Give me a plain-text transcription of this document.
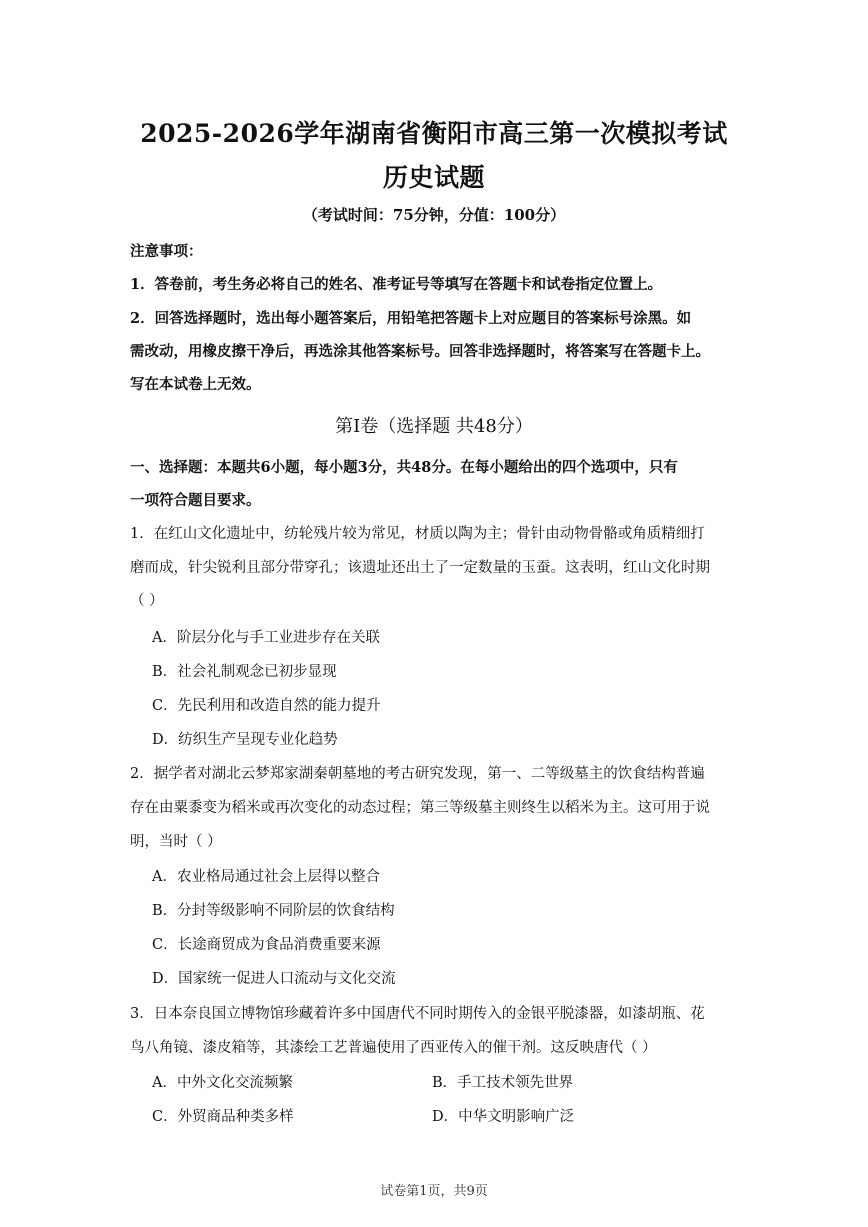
2025-2026学年湖南省衡阳市高三第一次模拟考试
历史试题
（考试时间：75分钟，分值：100分）
注意事项：
1．答卷前，考生务必将自己的姓名、准考证号等填写在答题卡和试卷指定位置上。
2．回答选择题时，选出每小题答案后，用铅笔把答题卡上对应题目的答案标号涂黑。如
需改动，用橡皮擦干净后，再选涂其他答案标号。回答非选择题时，将答案写在答题卡上。
写在本试卷上无效。
第Ⅰ卷（选择题 共48分）
一、选择题：本题共6小题，每小题3分，共48分。在每小题给出的四个选项中，只有
一项符合题目要求。
1．在红山文化遗址中，纺轮残片较为常见，材质以陶为主；骨针由动物骨骼或角质精细打
磨而成，针尖锐利且部分带穿孔；该遗址还出土了一定数量的玉蚕。这表明，红山文化时期
（ ）
A．阶层分化与手工业进步存在关联
B．社会礼制观念已初步显现
C．先民利用和改造自然的能力提升
D．纺织生产呈现专业化趋势
2．据学者对湖北云梦郑家湖秦朝墓地的考古研究发现，第一、二等级墓主的饮食结构普遍
存在由粟黍变为稻米或再次变化的动态过程；第三等级墓主则终生以稻米为主。这可用于说
明，当时（ ）
A．农业格局通过社会上层得以整合
B．分封等级影响不同阶层的饮食结构
C．长途商贸成为食品消费重要来源
D．国家统一促进人口流动与文化交流
3．日本奈良国立博物馆珍藏着许多中国唐代不同时期传入的金银平脱漆器，如漆胡瓶、花
鸟八角镜、漆皮箱等，其漆绘工艺普遍使用了西亚传入的催干剂。这反映唐代（ ）
A．中外文化交流频繁	B．手工技术领先世界
C．外贸商品种类多样	D．中华文明影响广泛
试卷第1页，共9页
